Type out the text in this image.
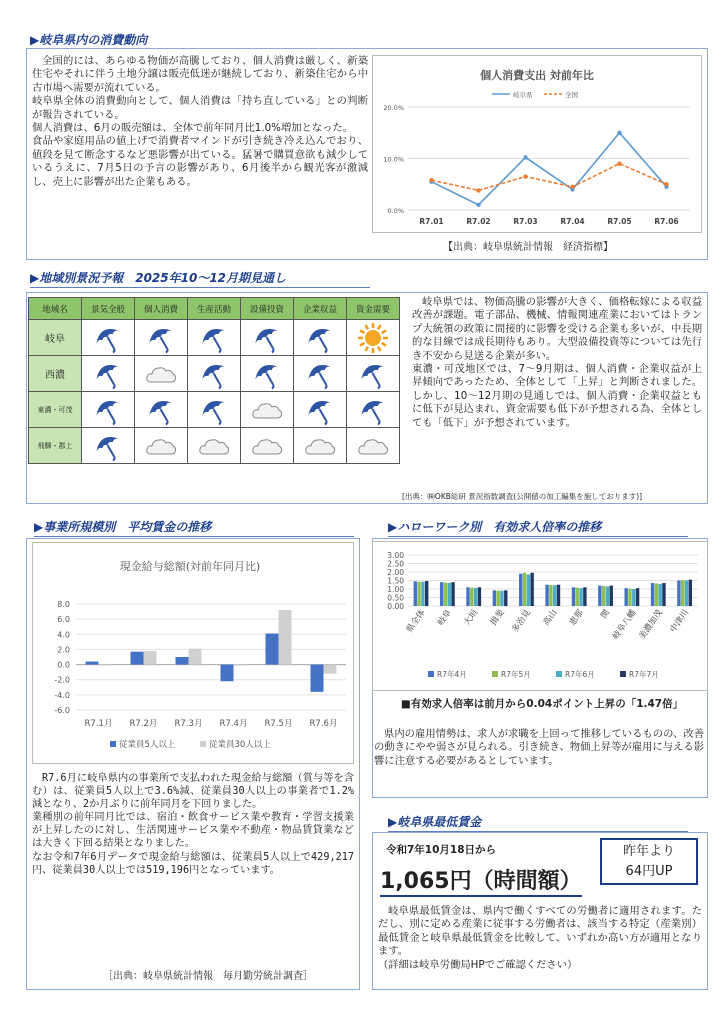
▶岐阜県内の消費動向
全国的には、あらゆる物価が高騰しており、個人消費は厳しく、新築住宅やそれに伴う土地分譲は販売低迷が継続しており、新築住宅から中古市場へ需要が流れている。
岐阜県全体の消費動向として、個人消費は「持ち直している」との判断が報告されている。
個人消費は、6月の販売額は、全体で前年同月比1.0%増加となった。
食品や家庭用品の値上げで消費者マインドが引き続き冷え込んでおり、値段を見て断念するなど悪影響が出ている。猛暑で購買意欲も減少しているうえに、7月5日の予言の影響があり、6月後半から観光客が激減し、売上に影響が出た企業もある。
個人消費支出 対前年比
岐阜県	全国
20.0%
10.0%
0.0%
R7.01	R7.02	R7.03	R7.04	R7.05	R7.06
【出典：岐阜県統計情報　経済指標】
▶地域別景況予報　2025年10〜12月期見通し
地域名	景気全般	個人消費	生産活動	設備投資	企業収益	資金需要
岐阜	

西濃	

東濃・可茂	

飛騨・郡上	

岐阜県では、物価高騰の影響が大きく、価格転嫁による収益改善が課題。電子部品、機械、情報関連産業においてはトランプ大統領の政策に間接的に影響を受ける企業も多いが、中長期的な目線では成長期待もあり。大型設備投資等については先行き不安から見送る企業が多い。
東濃・可茂地区では、7〜9月期は、個人消費・企業収益が上昇傾向であったため、全体として「上昇」と判断されました。しかし、10〜12月期の見通しでは、個人消費・企業収益ともに低下が見込まれ、資金需要も低下が予想される為、全体としても「低下」が予想されています。
[出典：㈱OKB総研 景況指数調査(公開値の加工編集を施しております)]
▶事業所規模別　平均賃金の推移
現金給与総額(対前年同月比)
8.0
6.0
4.0
2.0
0.0
-2.0
-4.0
-6.0
R7.1月 R7.2月 R7.3月 R7.4月 R7.5月 R7.6月
従業員5人以上	従業員30人以上
R7.6月に岐阜県内の事業所で支払われた現金給与総額（賞与等を含む）は、従業員5人以上で3.6%減、従業員30人以上の事業者で1.2%減となり、2か月ぶりに前年同月を下回りました。
業種別の前年同月比では、宿泊・飲食サービス業や教育・学習支援業が上昇したのに対し、生活関連サービス業や不動産・物品賃貸業などは大きく下回る結果となりました。
なお令和7年6月データで現金給与総額は、従業員5人以上で429,217円、従業員30人以上では519,196円となっています。
［出典：岐阜県統計情報　毎月勤労統計調査］
▶ハローワーク別　有効求人倍率の推移
3.00
2.50
2.00
1.50
1.00
0.50
0.00
県全体 岐阜 大垣 揖斐 多治見 高山 恵那 関
岐阜八幡
美濃加茂 中津川
R7年4月	R7年5月	R7年6月	R7年7月
■有効求人倍率は前月から0.04ポイント上昇の「1.47倍」
県内の雇用情勢は、求人が求職を上回って推移しているものの、改善の動きにやや弱さが見られる。引き続き、物価上昇等が雇用に与える影響に注意する必要があるとしています。
▶岐阜県最低賃金
令和7年10月18日から
1,065円（時間額）
昨年より
64円UP
岐阜県最低賃金は、県内で働くすべての労働者に適用されます。ただし、別に定める産業に従事する労働者は、該当する特定（産業別）最低賃金と岐阜県最低賃金を比較して、いずれか高い方が適用となります。
（詳細は岐阜労働局HPでご確認ください）
